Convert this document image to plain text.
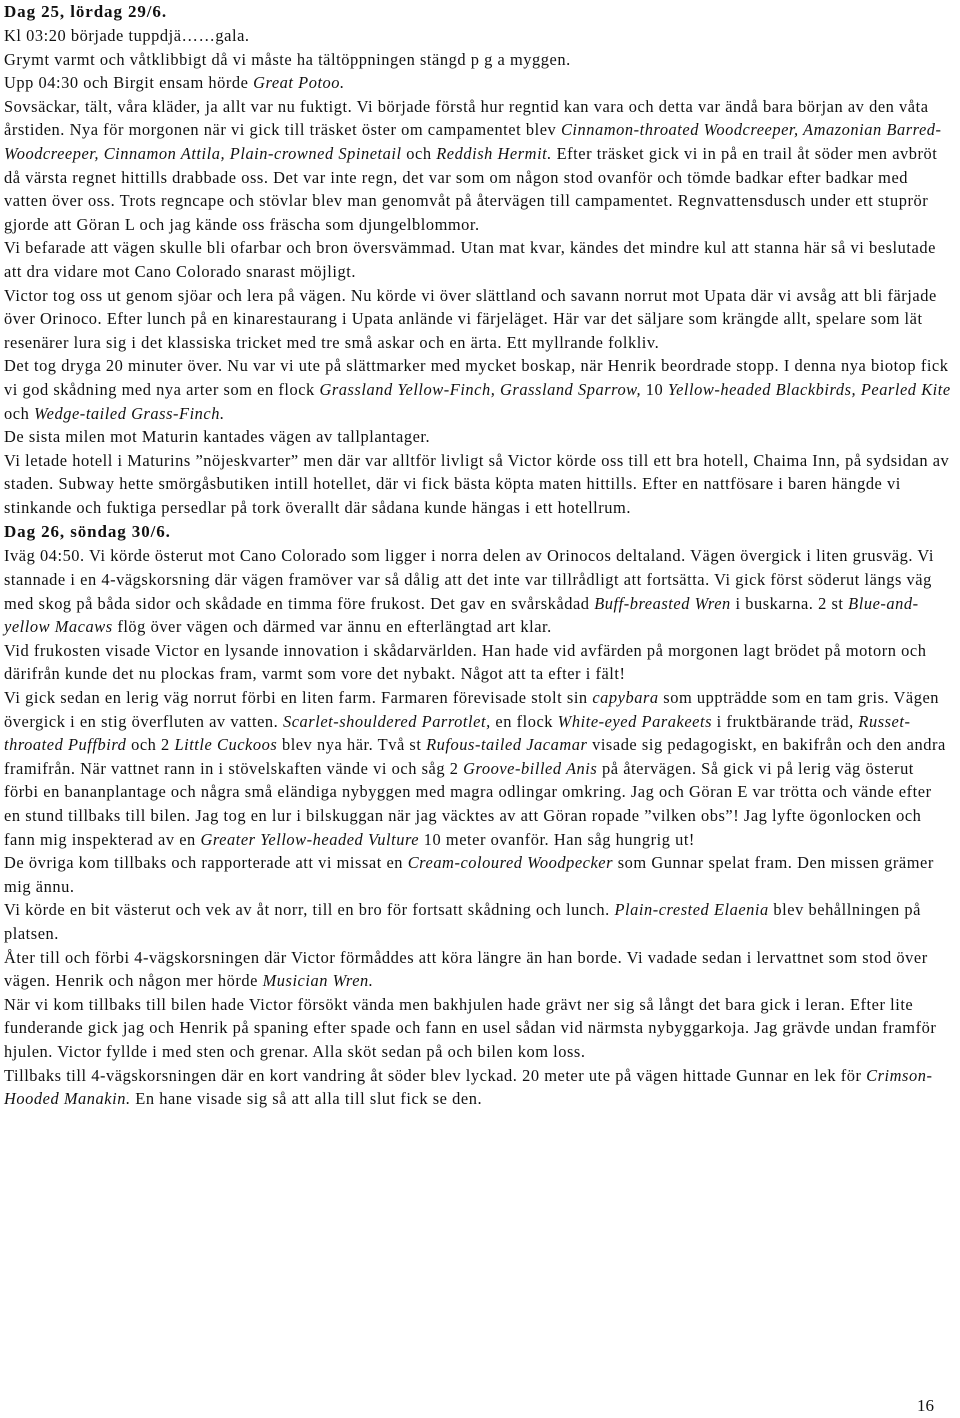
Dag 25, lördag 29/6.

Kl 03:20 började tuppdjä……gala.

Grymt varmt och våtklibbigt då vi måste ha tältöppningen stängd p g a myggen.

Upp 04:30 och Birgit ensam hörde Great Potoo.

Sovsäckar, tält, våra kläder, ja allt var nu fuktigt. Vi började förstå hur regntid kan vara och detta var ändå bara början av den våta årstiden. Nya för morgonen när vi gick till träsket öster om campamentet blev Cinnamon-throated Woodcreeper, Amazonian Barred-Woodcreeper, Cinnamon Attila, Plain-crowned Spinetail och Reddish Hermit. Efter träsket gick vi in på en trail åt söder men avbröt då värsta regnet hittills drabbade oss. Det var inte regn, det var som om någon stod ovanför och tömde badkar efter badkar med vatten över oss. Trots regncape och stövlar blev man genomvåt på återvägen till campamentet. Regnvattensdusch under ett stuprör gjorde att Göran L och jag kände oss fräscha som djungelblommor.

Vi befarade att vägen skulle bli ofarbar och bron översvämmad. Utan mat kvar, kändes det mindre kul att stanna här så vi beslutade att dra vidare mot Cano Colorado snarast möjligt.

Victor tog oss ut genom sjöar och lera på vägen. Nu körde vi över slättland och savann norrut mot Upata där vi avsåg att bli färjade över Orinoco. Efter lunch på en kinarestaurang i Upata anlände vi färjeläget. Här var det säljare som krängde allt, spelare som lät resenärer lura sig i det klassiska tricket med tre små askar och en ärta. Ett myllrande folkliv.

Det tog dryga 20 minuter över. Nu var vi ute på slättmarker med mycket boskap, när Henrik beordrade stopp. I denna nya biotop fick vi god skådning med nya arter som en flock Grassland Yellow-Finch, Grassland Sparrow, 10 Yellow-headed Blackbirds, Pearled Kite och Wedge-tailed Grass-Finch.

De sista milen mot Maturin kantades vägen av tallplantager.

Vi letade hotell i Maturins ”nöjeskvarter” men där var alltför livligt så Victor körde oss till ett bra hotell, Chaima Inn, på sydsidan av staden. Subway hette smörgåsbutiken intill hotellet, där vi fick bästa köpta maten hittills. Efter en nattfösare i baren hängde vi stinkande och fuktiga persedlar på tork överallt där sådana kunde hängas i ett hotellrum.

Dag 26, söndag 30/6.

Iväg 04:50. Vi körde österut mot Cano Colorado som ligger i norra delen av Orinocos deltaland. Vägen övergick i liten grusväg. Vi stannade i en 4-vägskorsning där vägen framöver var så dålig att det inte var tillrådligt att fortsätta. Vi gick först söderut längs väg med skog på båda sidor och skådade en timma före frukost. Det gav en svårskådad Buff-breasted Wren i buskarna. 2 st Blue-and-yellow Macaws flög över vägen och därmed var ännu en efterlängtad art klar.

Vid frukosten visade Victor en lysande innovation i skådarvärlden. Han hade vid avfärden på morgonen lagt brödet på motorn och därifrån kunde det nu plockas fram, varmt som vore det nybakt. Något att ta efter i fält!

Vi gick sedan en lerig väg norrut förbi en liten farm. Farmaren förevisade stolt sin capybara som uppträdde som en tam gris. Vägen övergick i en stig överfluten av vatten. Scarlet-shouldered Parrotlet, en flock White-eyed Parakeets i fruktbärande träd, Russet-throated Puffbird och 2 Little Cuckoos blev nya här. Två st Rufous-tailed Jacamar visade sig pedagogiskt, en bakifrån och den andra framifrån. När vattnet rann in i stövelskaften vände vi och såg 2 Groove-billed Anis på återvägen. Så gick vi på lerig väg österut förbi en bananplantage och några små eländiga nybyggen med magra odlingar omkring. Jag och Göran E var trötta och vände efter en stund tillbaks till bilen. Jag tog en lur i bilskuggan när jag väcktes av att Göran ropade ”vilken obs”! Jag lyfte ögonlocken och fann mig inspekterad av en Greater Yellow-headed Vulture 10 meter ovanför. Han såg hungrig ut!

De övriga kom tillbaks och rapporterade att vi missat en Cream-coloured Woodpecker som Gunnar spelat fram. Den missen grämer mig ännu.

Vi körde en bit västerut och vek av åt norr, till en bro för fortsatt skådning och lunch. Plain-crested Elaenia blev behållningen på platsen.

Åter till och förbi 4-vägskorsningen där Victor förmåddes att köra längre än han borde. Vi vadade sedan i lervattnet som stod över vägen. Henrik och någon mer hörde Musician Wren.

När vi kom tillbaks till bilen hade Victor försökt vända men bakhjulen hade grävt ner sig så långt det bara gick i leran. Efter lite funderande gick jag och Henrik på spaning efter spade och fann en usel sådan vid närmsta nybyggarkoja. Jag grävde undan framför hjulen. Victor fyllde i med sten och grenar. Alla sköt sedan på och bilen kom loss.

Tillbaks till 4-vägskorsningen där en kort vandring åt söder blev lyckad. 20 meter ute på vägen hittade Gunnar en lek för Crimson-Hooded Manakin. En hane visade sig så att alla till slut fick se den.

16
